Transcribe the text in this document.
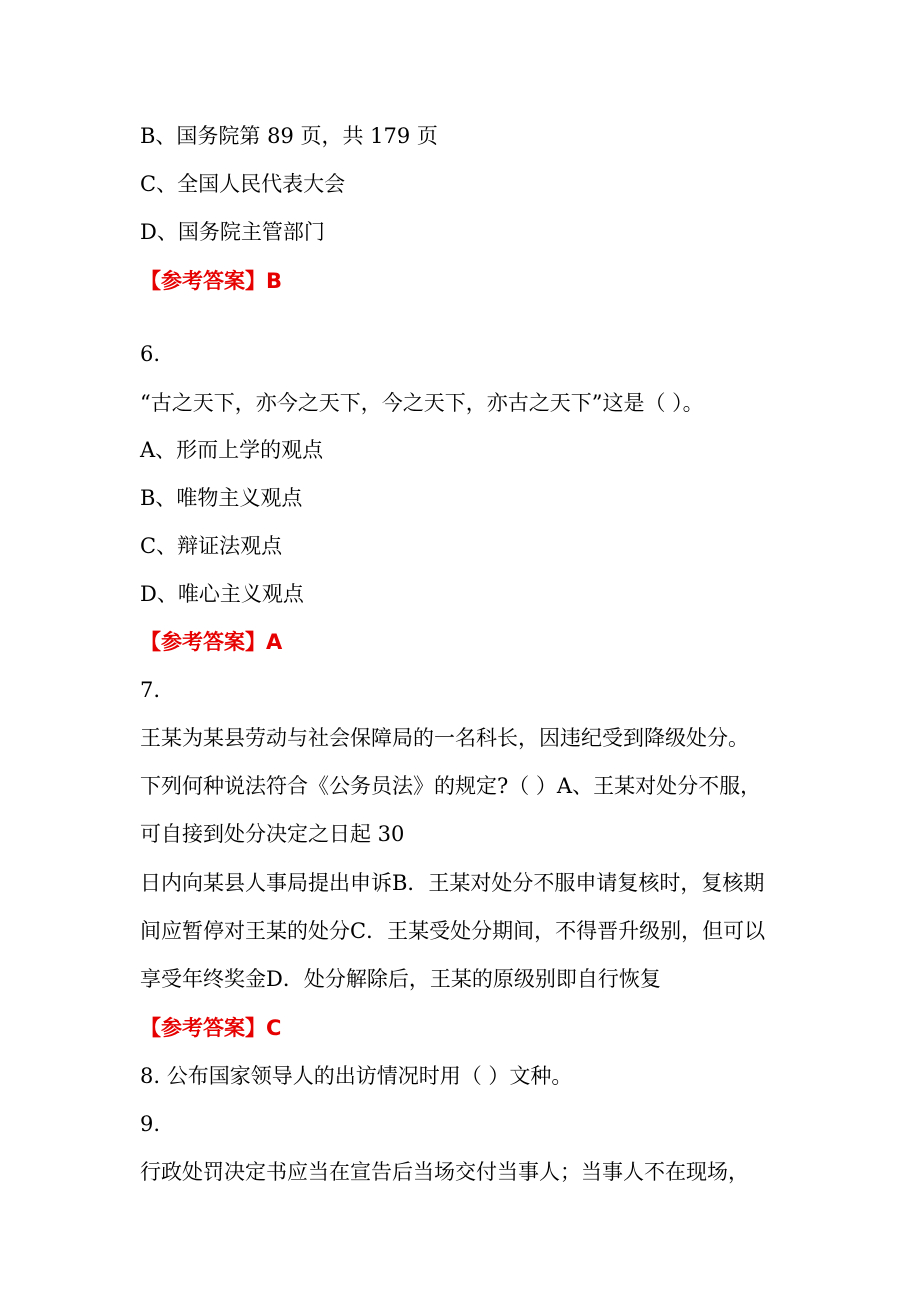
B、国务院第 89 页，共 179 页
C、全国人民代表大会
D、国务院主管部门
【参考答案】B
6.
“古之天下，亦今之天下，今之天下，亦古之天下”这是（ ）。
A、形而上学的观点
B、唯物主义观点
C、辩证法观点
D、唯心主义观点
【参考答案】A
7.
王某为某县劳动与社会保障局的一名科长，因违纪受到降级处分。
下列何种说法符合《公务员法》的规定?（ ）A、王某对处分不服，
可自接到处分决定之日起 30
日内向某县人事局提出申诉B．王某对处分不服申请复核时，复核期
间应暂停对王某的处分C．王某受处分期间，不得晋升级别，但可以
享受年终奖金D．处分解除后，王某的原级别即自行恢复
【参考答案】C
8. 公布国家领导人的出访情况时用（ ）文种。
9.
行政处罚决定书应当在宣告后当场交付当事人；当事人不在现场，
